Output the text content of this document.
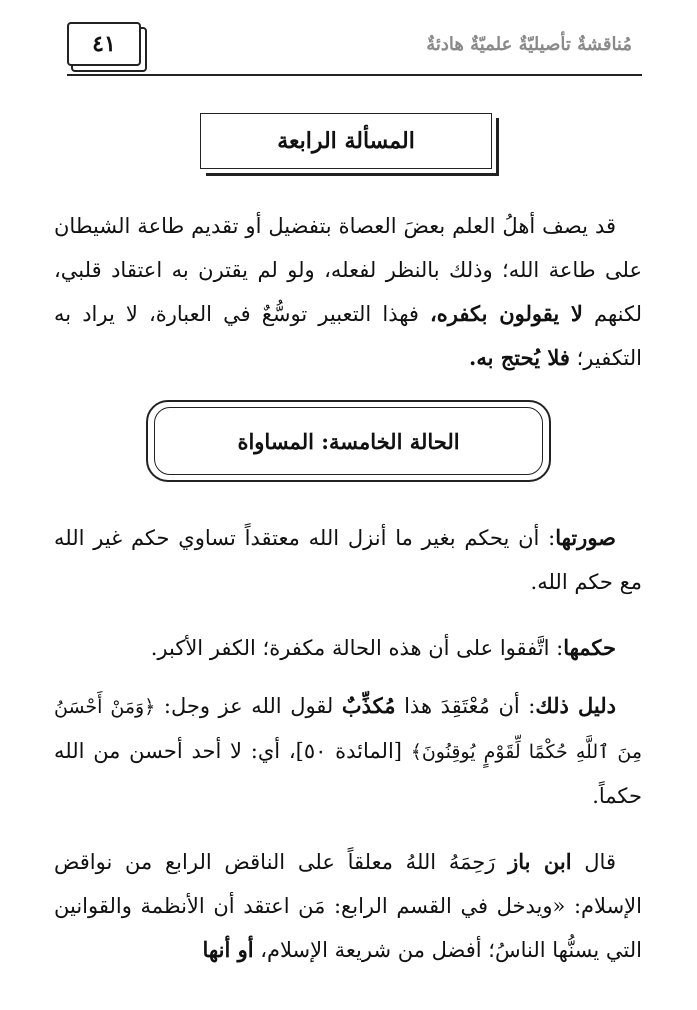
٤١	مُناقشةٌ تأصيليّةٌ علميّةٌ هادئةٌ
المسألة الرابعة
قد يصف أهلُ العلم بعضَ العصاة بتفضيل أو تقديم طاعة الشيطان على طاعة الله؛ وذلك بالنظر لفعله، ولو لم يقترن به اعتقاد قلبي، لكنهم لا يقولون بكفره، فهذا التعبير توسُّعٌ في العبارة، لا يراد به التكفير؛ فلا يُحتج به.
الحالة الخامسة: المساواة
صورتها: أن يحكم بغير ما أنزل الله معتقداً تساوي حكم غير الله مع حكم الله.
حكمها: اتَّفقوا على أن هذه الحالة مكفرة؛ الكفر الأكبر.
دليل ذلك: أن مُعْتَقِدَ هذا مُكذِّبٌ لقول الله عز وجل: ﴿وَمَنْ أَحْسَنُ مِنَ ٱللَّهِ حُكْمًا لِّقَوْمٍ يُوقِنُونَ﴾ [المائدة ٥٠]، أي: لا أحد أحسن من الله حكماً.
قال ابن باز رَحِمَهُ اللهُ معلقاً على الناقض الرابع من نواقض الإسلام: «ويدخل في القسم الرابع: مَن اعتقد أن الأنظمة والقوانين التي يسنُّها الناسُ؛ أفضل من شريعة الإسلام، أو أنها
